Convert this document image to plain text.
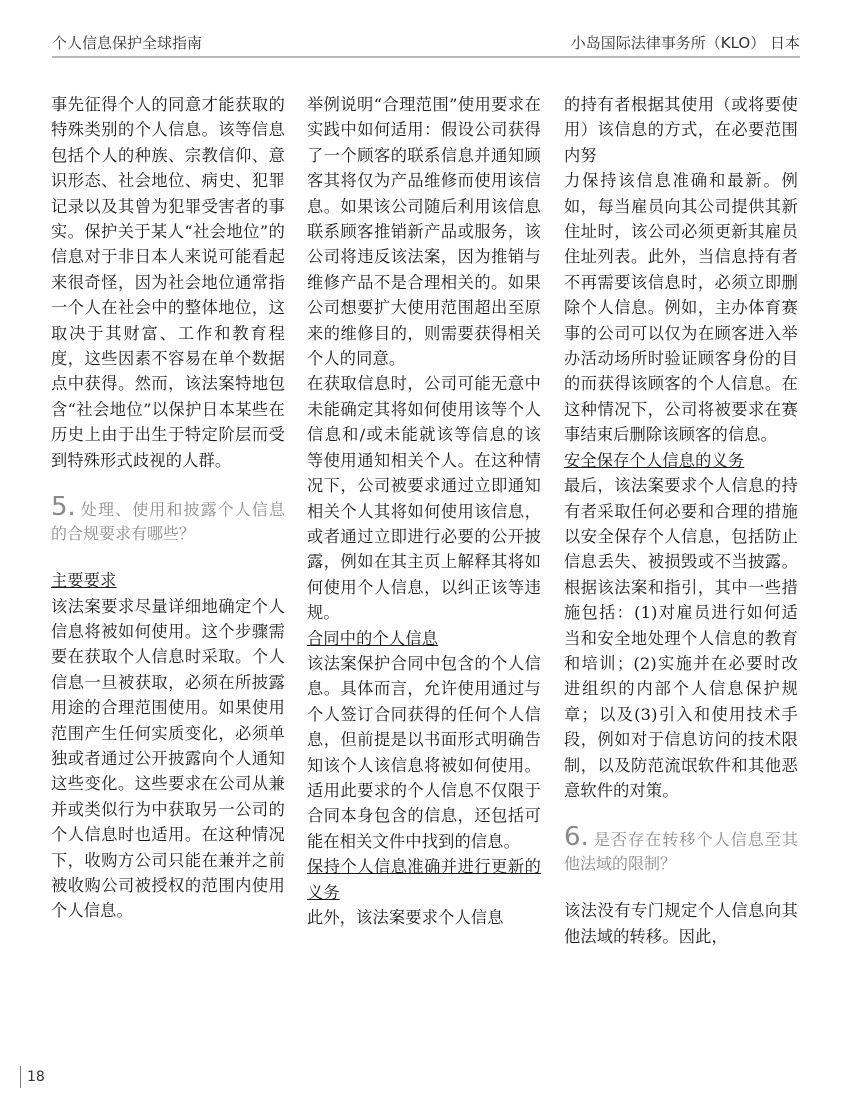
个人信息保护全球指南	小岛国际法律事务所（KLO） 日本

事先征得个人的同意才能获取的特殊类别的个人信息。该等信息包括个人的种族、宗教信仰、意识形态、社会地位、病史、犯罪记录以及其曾为犯罪受害者的事实。保护关于某人“社会地位”的信息对于非日本人来说可能看起来很奇怪，因为社会地位通常指一个人在社会中的整体地位，这取决于其财富、工作和教育程度，这些因素不容易在单个数据点中获得。然而，该法案特地包含“社会地位”以保护日本某些在历史上由于出生于特定阶层而受到特殊形式歧视的人群。

5. 处理、使用和披露个人信息的合规要求有哪些？

主要要求

该法案要求尽量详细地确定个人信息将被如何使用。这个步骤需要在获取个人信息时采取。个人信息一旦被获取，必须在所披露用途的合理范围使用。如果使用范围产生任何实质变化，必须单独或者通过公开披露向个人通知这些变化。这些要求在公司从兼并或类似行为中获取另一公司的个人信息时也适用。在这种情况下，收购方公司只能在兼并之前被收购公司被授权的范围内使用个人信息。

举例说明“合理范围”使用要求在实践中如何适用：假设公司获得了一个顾客的联系信息并通知顾客其将仅为产品维修而使用该信息。如果该公司随后利用该信息联系顾客推销新产品或服务，该公司将违反该法案，因为推销与维修产品不是合理相关的。如果公司想要扩大使用范围超出至原来的维修目的，则需要获得相关个人的同意。

在获取信息时，公司可能无意中未能确定其将如何使用该等个人信息和/或未能就该等信息的该等使用通知相关个人。在这种情况下，公司被要求通过立即通知相关个人其将如何使用该信息，或者通过立即进行必要的公开披露，例如在其主页上解释其将如何使用个人信息，以纠正该等违规。

合同中的个人信息

该法案保护合同中包含的个人信息。具体而言，允许使用通过与个人签订合同获得的任何个人信息，但前提是以书面形式明确告知该个人该信息将被如何使用。适用此要求的个人信息不仅限于合同本身包含的信息，还包括可能在相关文件中找到的信息。

保持个人信息准确并进行更新的义务

此外，该法案要求个人信息

的持有者根据其使用（或将要使用）该信息的方式，在必要范围内努

力保持该信息准确和最新。例如，每当雇员向其公司提供其新住址时，该公司必须更新其雇员住址列表。此外，当信息持有者不再需要该信息时，必须立即删除个人信息。例如，主办体育赛事的公司可以仅为在顾客进入举办活动场所时验证顾客身份的目的而获得该顾客的个人信息。在这种情况下，公司将被要求在赛事结束后删除该顾客的信息。

安全保存个人信息的义务

最后，该法案要求个人信息的持有者采取任何必要和合理的措施以安全保存个人信息，包括防止信息丢失、被损毁或不当披露。根据该法案和指引，其中一些措施包括：(1)对雇员进行如何适当和安全地处理个人信息的教育和培训；(2)实施并在必要时改进组织的内部个人信息保护规章；以及(3)引入和使用技术手段，例如对于信息访问的技术限制，以及防范流氓软件和其他恶意软件的对策。

6. 是否存在转移个人信息至其他法域的限制？

该法没有专门规定个人信息向其他法域的转移。因此，

18
